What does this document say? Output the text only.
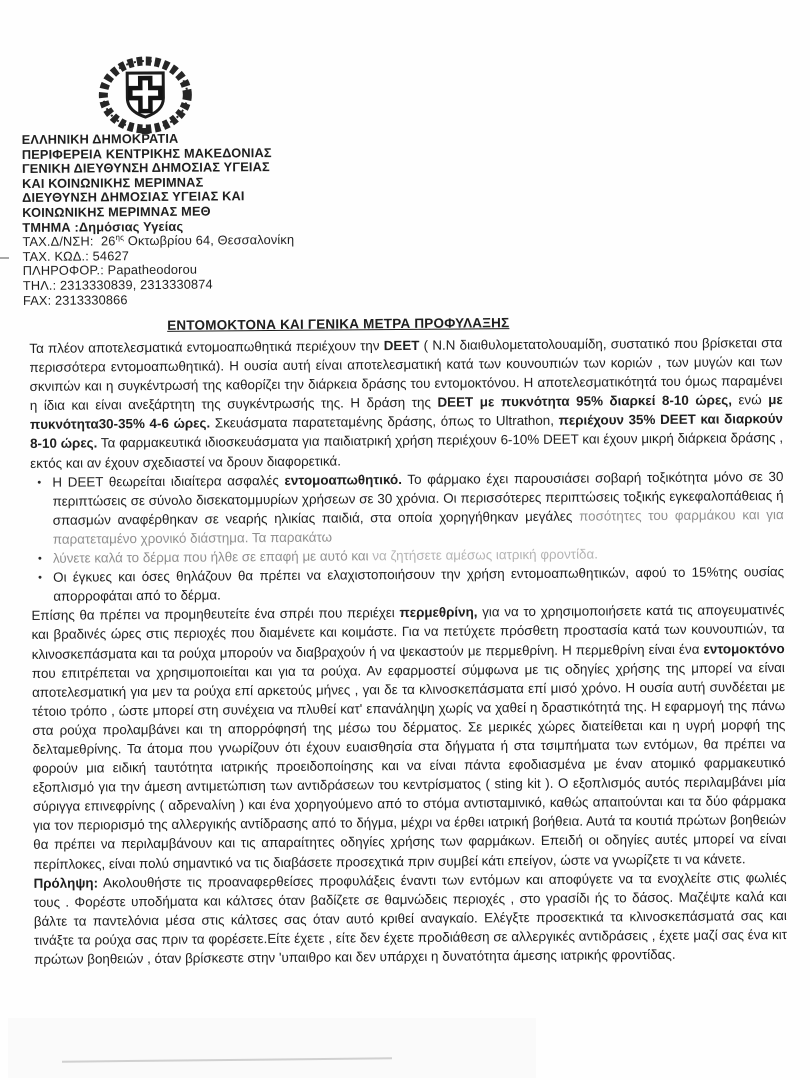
ΕΛΛΗΝΙΚΗ ΔΗΜΟΚΡΑΤΙΑ
ΠΕΡΙΦΕΡΕΙΑ ΚΕΝΤΡΙΚΗΣ ΜΑΚΕΔΟΝΙΑΣ
ΓΕΝΙΚΗ ΔΙΕΥΘΥΝΣΗ ΔΗΜΟΣΙΑΣ ΥΓΕΙΑΣ
ΚΑΙ ΚΟΙΝΩΝΙΚΗΣ ΜΕΡΙΜΝΑΣ
ΔΙΕΥΘΥΝΣΗ ΔΗΜΟΣΙΑΣ ΥΓΕΙΑΣ ΚΑΙ
ΚΟΙΝΩΝΙΚΗΣ ΜΕΡΙΜΝΑΣ ΜΕΘ
ΤΜΗΜΑ :Δημόσιας Υγείας
ΤΑΧ.Δ/ΝΣΗ:  $26^{\eta\varsigma}$ Οκτωβρίου 64, Θεσσαλονίκη
ΤΑΧ. ΚΩΔ.: 54627
ΠΛΗΡΟΦΟΡ.: Papatheodorou
ΤΗΛ.: 2313330839, 2313330874
FAX: 2313330866
ΕΝΤΟΜΟΚΤΟΝΑ ΚΑΙ ΓΕΝΙΚΑ ΜΕΤΡΑ ΠΡΟΦΥΛΑΞΗΣ
Τα πλέον αποτελεσματικά εντομοαπωθητικά περιέχουν την DEET ( N.N διαιθυλομετατολουαμίδη, συστατικό που βρίσκεται στα περισσότερα εντομοαπωθητικά). Η ουσία αυτή είναι αποτελεσματική κατά των κουνουπιών των κοριών , των μυγών και των σκνιπών και η συγκέντρωσή της καθορίζει την διάρκεια δράσης του εντομοκτόνου. Η αποτελεσματικότητά του όμως παραμένει η ίδια και είναι ανεξάρτητη της συγκέντρωσής της. Η δράση της DEET με πυκνότητα 95% διαρκεί 8-10 ώρες, ενώ με πυκνότητα30-35% 4-6 ώρες. Σκευάσματα παρατεταμένης δράσης, όπως το Ultrathon, περιέχουν 35% DEET και διαρκούν 8-10 ώρες. Τα φαρμακευτικά ιδιοσκευάσματα για παιδιατρική χρήση περιέχουν 6-10% DEET και έχουν μικρή διάρκεια δράσης , εκτός και αν έχουν σχεδιαστεί να δρουν διαφορετικά.
• Η DEET θεωρείται ιδιαίτερα ασφαλές εντομοαπωθητικό. Το φάρμακο έχει παρουσιάσει σοβαρή τοξικότητα μόνο σε 30 περιπτώσεις σε σύνολο δισεκατομμυρίων χρήσεων σε 30 χρόνια. Οι περισσότερες περιπτώσεις τοξικής εγκεφαλοπάθειας ή σπασμών αναφέρθηκαν σε νεαρής ηλικίας παιδιά, στα οποία χορηγήθηκαν μεγάλες ποσότητες του φαρμάκου και για παρατεταμένο χρονικό διάστημα. Τα παρακάτω
• λύνετε καλά το δέρμα που ήλθε σε επαφή με αυτό και να ζητήσετε αμέσως ιατρική φροντίδα.
• Οι έγκυες και όσες θηλάζουν θα πρέπει να ελαχιστοποιήσουν την χρήση εντομοαπωθητικών, αφού το 15%της ουσίας απορροφάται από το δέρμα.
Επίσης θα πρέπει να προμηθευτείτε ένα σπρέι που περιέχει περμεθρίνη, για να το χρησιμοποιήσετε κατά τις απογευματινές και βραδινές ώρες στις περιοχές που διαμένετε και κοιμάστε. Για να πετύχετε πρόσθετη προστασία κατά των κουνουπιών, τα κλινοσκεπάσματα και τα ρούχα μπορούν να διαβραχούν ή να ψεκαστούν με περμεθρίνη. Η περμεθρίνη είναι ένα εντομοκτόνο που επιτρέπεται να χρησιμοποιείται και για τα ρούχα. Αν εφαρμοστεί σύμφωνα με τις οδηγίες χρήσης της μπορεί να είναι αποτελεσματική για μεν τα ρούχα επί αρκετούς μήνες , γαι δε τα κλινοσκεπάσματα επί μισό χρόνο. Η ουσία αυτή συνδέεται με τέτοιο τρόπο , ώστε μπορεί στη συνέχεια να πλυθεί κατ' επανάληψη χωρίς να χαθεί η δραστικότητά της. Η εφαρμογή της πάνω στα ρούχα προλαμβάνει και τη απορρόφησή της μέσω του δέρματος. Σε μερικές χώρες διατείθεται και η υγρή μορφή της δελταμεθρίνης. Τα άτομα που γνωρίζουν ότι έχουν ευαισθησία στα δήγματα ή στα τσιμπήματα των εντόμων, θα πρέπει να φορούν μια ειδική ταυτότητα ιατρικής προειδοποίησης και να είναι πάντα εφοδιασμένα με έναν ατομικό φαρμακευτικό εξοπλισμό για την άμεση αντιμετώπιση των αντιδράσεων του κεντρίσματος ( sting kit ). Ο εξοπλισμός αυτός περιλαμβάνει μία σύριγγα επινεφρίνης ( αδρεναλίνη ) και ένα χορηγούμενο από το στόμα αντισταμινικό, καθώς απαιτούνται και τα δύο φάρμακα για τον περιορισμό της αλλεργικής αντίδρασης από το δήγμα, μέχρι να έρθει ιατρική βοήθεια. Αυτά τα κουτιά πρώτων βοηθειών θα πρέπει να περιλαμβάνουν και τις απαραίτητες οδηγίες χρήσης των φαρμάκων. Επειδή οι οδηγίες αυτές μπορεί να είναι περίπλοκες, είναι πολύ σημαντικό να τις διαβάσετε προσεχτικά πριν συμβεί κάτι επείγον, ώστε να γνωρίζετε τι να κάνετε.
Πρόληψη: Ακολουθήστε τις προαναφερθείσες προφυλάξεις έναντι των εντόμων και αποφύγετε να τα ενοχλείτε στις φωλιές τους . Φορέστε υποδήματα και κάλτσες όταν βαδίζετε σε θαμνώδεις περιοχές , στο γρασίδι ής το δάσος. Μαζέψτε καλά και βάλτε τα παντελόνια μέσα στις κάλτσες σας όταν αυτό κριθεί αναγκαίο. Ελέγξτε προσεκτικά τα κλινοσκεπάσματά σας και τινάξτε τα ρούχα σας πριν τα φορέσετε.Είτε έχετε , είτε δεν έχετε προδιάθεση σε αλλεργικές αντιδράσεις , έχετε μαζί σας ένα κιτ πρώτων βοηθειών , όταν βρίσκεστε στην 'υπαιθρο και δεν υπάρχει η δυνατότητα άμεσης ιατρικής φροντίδας.
